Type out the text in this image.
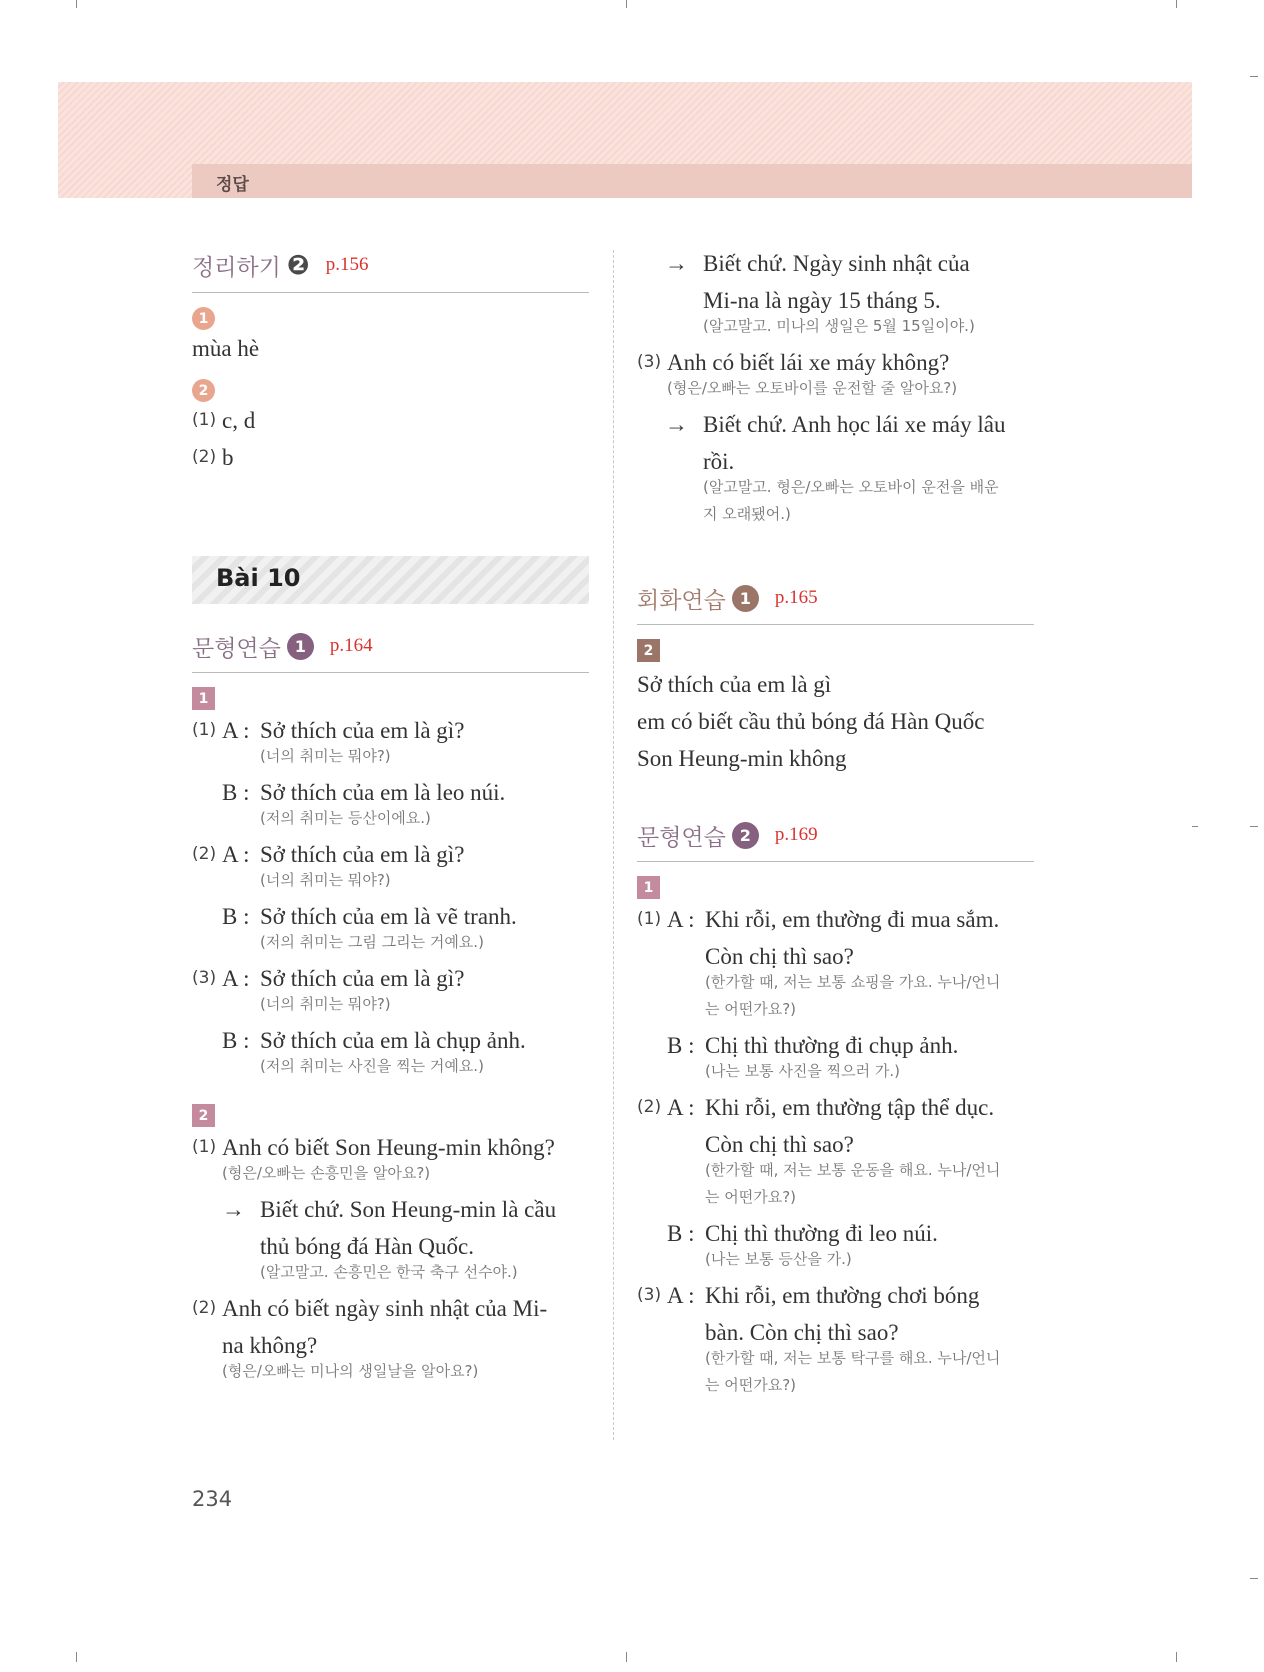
정답
정리하기 ❷ p.156
1
mùa hè
2
(1) c, d
(2) b
Bài 10
문형연습 1	p.164
1
(1) A : Sở thích của em là gì?
(너의 취미는 뭐야?)
B : Sở thích của em là leo núi.
(저의 취미는 등산이에요.)
(2) A : Sở thích của em là gì?
(너의 취미는 뭐야?)
B : Sở thích của em là vẽ tranh.
(저의 취미는 그림 그리는 거예요.)
(3) A : Sở thích của em là gì?
(너의 취미는 뭐야?)
B : Sở thích của em là chụp ảnh.
(저의 취미는 사진을 찍는 거예요.)
2
(1) Anh có biết Son Heung-min không?
(형은/오빠는 손흥민을 알아요?)
→ Biết chứ. Son Heung-min là cầu
thủ bóng đá Hàn Quốc.
(알고말고. 손흥민은 한국 축구 선수야.)
(2) Anh có biết ngày sinh nhật của Mi-
na không?
(형은/오빠는 미나의 생일날을 알아요?)
→ Biết chứ. Ngày sinh nhật của
Mi-na là ngày 15 tháng 5.
(알고말고. 미나의 생일은 5월 15일이야.)
(3) Anh có biết lái xe máy không?
(형은/오빠는 오토바이를 운전할 줄 알아요?)
→ Biết chứ. Anh học lái xe máy lâu
rồi.
(알고말고. 형은/오빠는 오토바이 운전을 배운
지 오래됐어.)
회화연습 1	p.165
2
Sở thích của em là gì
em có biết cầu thủ bóng đá Hàn Quốc
Son Heung-min không
문형연습 2	p.169
1
(1) A : Khi rỗi, em thường đi mua sắm.
Còn chị thì sao?
(한가할 때, 저는 보통 쇼핑을 가요. 누나/언니
는 어떤가요?)
B : Chị thì thường đi chụp ảnh.
(나는 보통 사진을 찍으러 가.)
(2) A : Khi rỗi, em thường tập thể dục.
Còn chị thì sao?
(한가할 때, 저는 보통 운동을 해요. 누나/언니
는 어떤가요?)
B : Chị thì thường đi leo núi.
(나는 보통 등산을 가.)
(3) A : Khi rỗi, em thường chơi bóng
bàn. Còn chị thì sao?
(한가할 때, 저는 보통 탁구를 해요. 누나/언니
는 어떤가요?)
234
